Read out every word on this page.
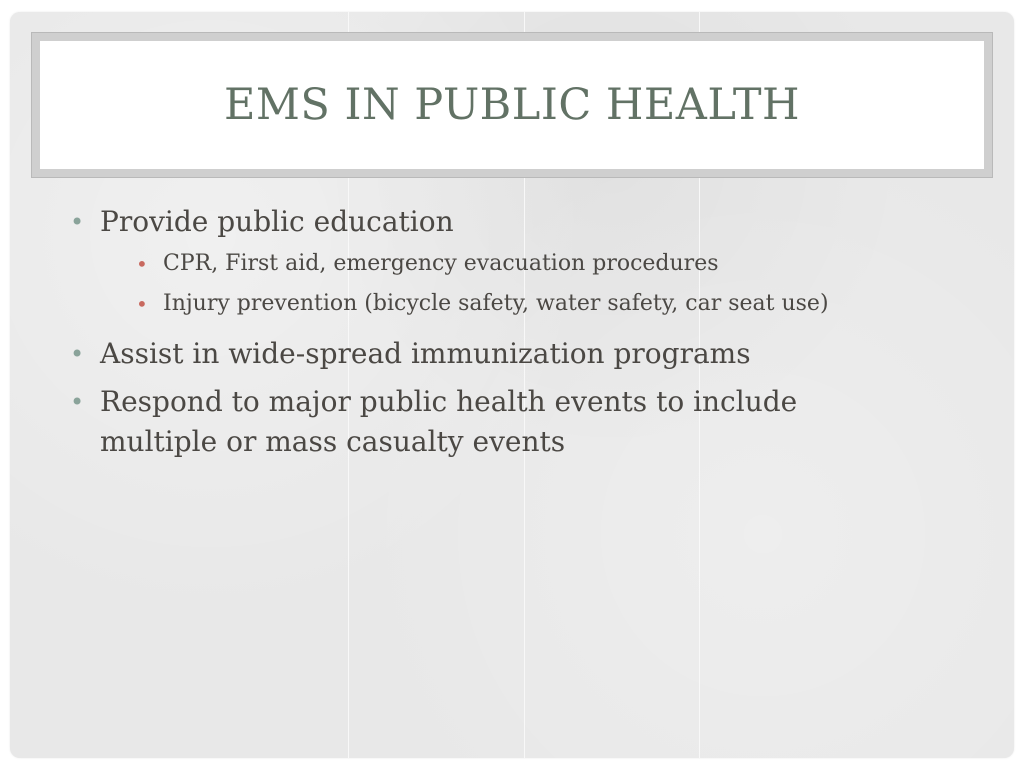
EMS IN PUBLIC HEALTH
• Provide public education
• CPR, First aid, emergency evacuation procedures
• Injury prevention (bicycle safety, water safety, car seat use)
• Assist in wide-spread immunization programs
• Respond to major public health events to include multiple or mass casualty events
